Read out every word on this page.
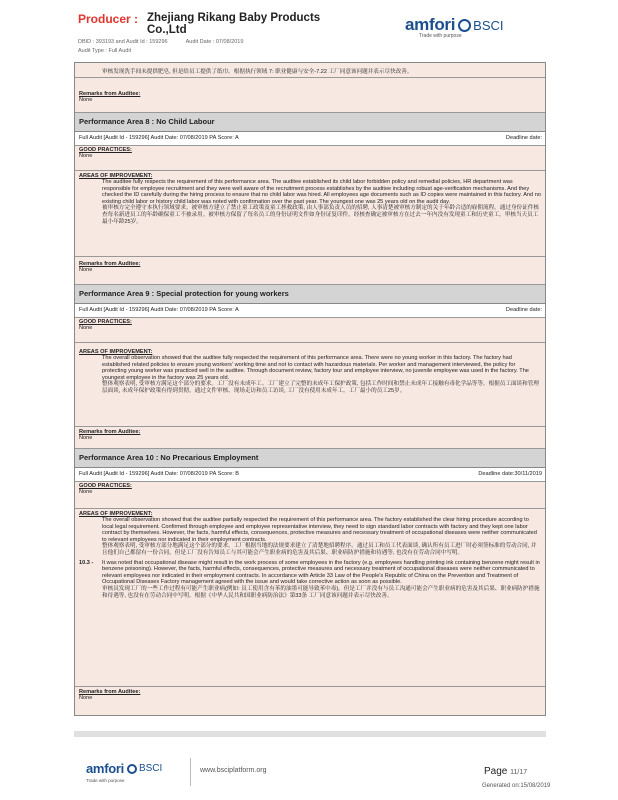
Producer : Zhejiang Rikang Baby Products Co.,Ltd
DBID : 393193 and Audit Id : 159296	Audit Date : 07/08/2019
Audit Type : Full Audit
amfori BSCI
Trade with purpose
审核发现洗手间未提供肥皂, 但是给员工提供了纸巾。根据执行领域 7: 职业健康与安全-7.22 工厂同意该问题并表示尽快改善。
Remarks from Auditee:
None
Performance Area 8 : No Child Labour
Full Audit [Audit Id - 159296] Audit Date: 07/08/2019 PA Score: A	Deadline date:
GOOD PRACTICES:
None
AREAS OF IMPROVEMENT:
The auditee fully respects the requirement of this performance area. The auditee established its child labor forbidden policy and remedial policies, HR department was responsible for employee recruitment and they were well aware of the recruitment process establishes by the auditee including robust age-verification mechanisms. And they checked the ID carefully during the hiring process to ensure that no child labor was hired. All employees age documents such as ID copies were maintained in this factory. And no existing child labor or history child labor was noted with confirmation over the past year. The youngest one was 25 years old on the audit day.
被审核方完全遵守本执行领域要求。被审核方建立了禁止童工政策及童工拯救政策, 由人事部负责人员的招聘, 人事清楚被审核方制定的关于年龄合适的雇佣流程。通过身份证件核查每名新进员工的年龄确保童工不被录用。被审核方保留了每名员工的身份证明文件如身份证复印件。经核查确定被审核方在过去一年内没有发现童工和历史童工。审核当天员工最小年龄25岁。
Remarks from Auditee:
None
Performance Area 9 : Special protection for young workers
Full Audit [Audit Id - 159296] Audit Date: 07/08/2019 PA Score: A	Deadline date:
GOOD PRACTICES:
None
AREAS OF IMPROVEMENT:
The overall observation showed that the auditee fully respected the requirement of this performance area. There were no young worker in this factory. The factory had established related policies to ensure young workers' working time and not to contact with hazardous materials. Per worker and management interviewed, the policy for protecting young worker was practiced well in the auditee. Through document review, factory tour and employee interview, no juvenile employee was used in the factory. The youngest employee in the factory was 25 years old.
整体观察表明, 受审核方满足这个部分的要求。工厂没有未成年工。工厂建立了完整的未成年工保护政策, 包括工作时间和禁止未成年工接触有毒化学品等等。根据员工面谈和管理层面谈, 未成年保护政策有得到贯彻。通过文件审核、现场走访和员工访谈, 工厂没有使用未成年工。工厂最小的员工25岁。
Remarks from Auditee:
None
Performance Area 10 : No Precarious Employment
Full Audit [Audit Id - 159296] Audit Date: 07/08/2019 PA Score: B	Deadline date:30/11/2019
GOOD PRACTICES:
None
AREAS OF IMPROVEMENT:
The overall observation showed that the auditee partially respected the requirement of this performance area. The factory established the clear hiring procedure according to local legal requirement. Confirmed through employee and employee representative interview, they need to sign standard labor contracts with factory and they kept one labor contract by themselves. However, the facts, harmful effects, consequences, protective measures and necessary treatment of occupational diseases were neither communicated to relevant employees nor indicated in their employment contracts.
整体观察表明, 受审核方部分地满足这个部分的要求。工厂根据当地的法规要求建立了清楚地招聘程序。通过员工和员工代表面谈, 确认所有员工进厂时必须签标准的劳动合同, 并且他们自己都留有一份合同。但是工厂没有告知员工与其可能会产生职业病的危害及其后果、职业病防护措施和待遇等, 也没有在劳动合同中写明。
10.3 - It was noted that occupational disease might result in the work process of some employees in the factory (e.g. employees handling printing ink containing benzene might result in benzene poisoning). However, the facts, harmful effects, consequences, protective measures and necessary treatment of occupational diseases were neither communicated to relevant employees nor indicated in their employment contracts. In accordance with Article 33 Law of the People's Republic of China on the Prevention and Treatment of Occupational Diseases Factory management agreed with the issue and would take corrective action as soon as possible.
审核员发现工厂的一些工作过程有可能产生职业病(例如: 员工使用含有苯的油墨可能导致苯中毒)。但是工厂并没有与员工沟通可能会产生职业病的危害及其后果、职业病防护措施和待遇等, 也没有在劳动合同中写明。根据《中华人民共和国职业病防治法》第33条 工厂同意该问题并表示尽快改善。
Remarks from Auditee:
None
amfori BSCI
Trade with purpose
www.bsciplatform.org	Page 11/17
Generated on:15/08/2019
